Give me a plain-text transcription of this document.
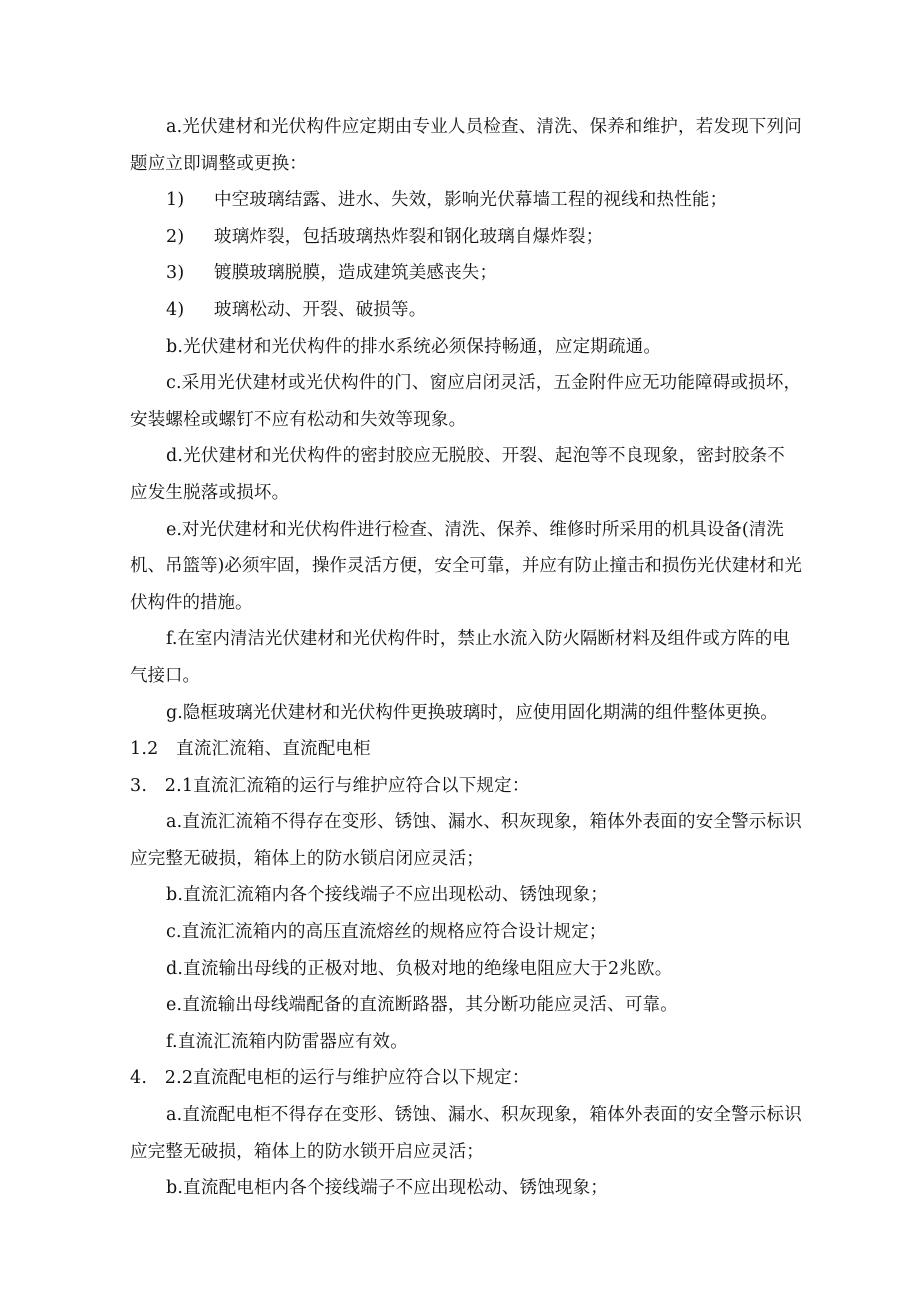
a.光伏建材和光伏构件应定期由专业人员检查、清洗、保养和维护，若发现下列问题应立即调整或更换：

1)	中空玻璃结露、进水、失效，影响光伏幕墙工程的视线和热性能；
2)	玻璃炸裂，包括玻璃热炸裂和钢化玻璃自爆炸裂；
3)	镀膜玻璃脱膜，造成建筑美感丧失；
4)	玻璃松动、开裂、破损等。

b.光伏建材和光伏构件的排水系统必须保持畅通，应定期疏通。

c.采用光伏建材或光伏构件的门、窗应启闭灵活，五金附件应无功能障碍或损坏，安装螺栓或螺钉不应有松动和失效等现象。

d.光伏建材和光伏构件的密封胶应无脱胶、开裂、起泡等不良现象，密封胶条不应发生脱落或损坏。

e.对光伏建材和光伏构件进行检查、清洗、保养、维修时所采用的机具设备(清洗机、吊篮等)必须牢固，操作灵活方便，安全可靠，并应有防止撞击和损伤光伏建材和光伏构件的措施。

f.在室内清洁光伏建材和光伏构件时，禁止水流入防火隔断材料及组件或方阵的电气接口。

g.隐框玻璃光伏建材和光伏构件更换玻璃时，应使用固化期满的组件整体更换。

1.2　直流汇流箱、直流配电柜

3.　2.1直流汇流箱的运行与维护应符合以下规定：

a.直流汇流箱不得存在变形、锈蚀、漏水、积灰现象，箱体外表面的安全警示标识应完整无破损，箱体上的防水锁启闭应灵活；

b.直流汇流箱内各个接线端子不应出现松动、锈蚀现象；

c.直流汇流箱内的高压直流熔丝的规格应符合设计规定；

d.直流输出母线的正极对地、负极对地的绝缘电阻应大于2兆欧。

e.直流输出母线端配备的直流断路器，其分断功能应灵活、可靠。

f.直流汇流箱内防雷器应有效。

4.　2.2直流配电柜的运行与维护应符合以下规定：

a.直流配电柜不得存在变形、锈蚀、漏水、积灰现象，箱体外表面的安全警示标识应完整无破损，箱体上的防水锁开启应灵活；

b.直流配电柜内各个接线端子不应出现松动、锈蚀现象；
